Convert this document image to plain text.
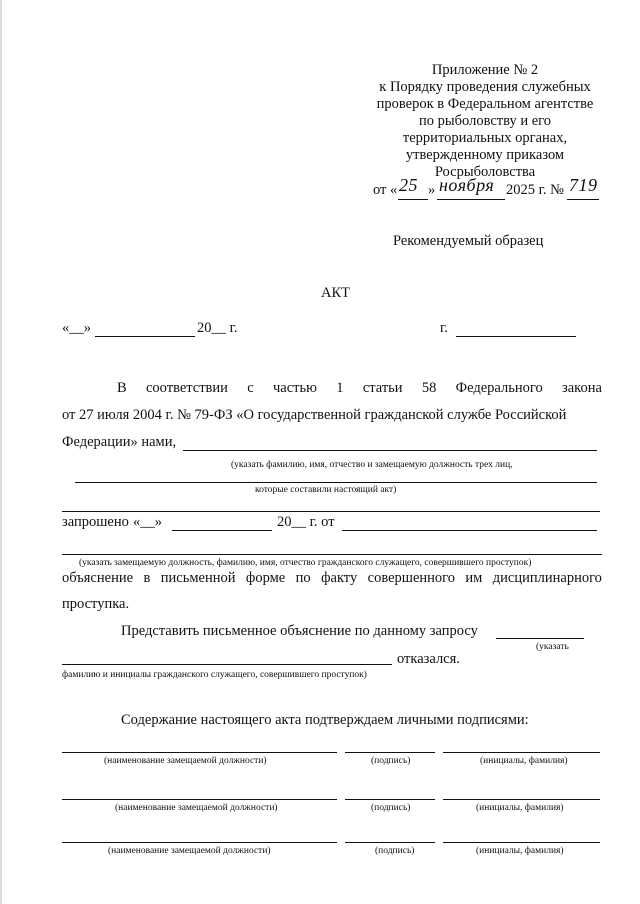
Приложение № 2
к Порядку проведения служебных
проверок в Федеральном агентстве
по рыболовству и его
территориальных органах,
утвержденному приказом
Росрыболовства
от « 25 » ноября 2025 г. № 719
Рекомендуемый образец
АКТ
«__»	20__ г.	г.
В соответствии с частью 1 статьи 58 Федерального закона
от 27 июля 2004 г. № 79-ФЗ «О государственной гражданской службе Российской
Федерации» нами,
(указать фамилию, имя, отчество и замещаемую должность трех лиц,
которые составили настоящий акт)
запрошено «__»	20__ г. от
(указать замещаемую должность, фамилию, имя, отчество гражданского служащего, совершившего проступок)
объяснение в письменной форме по факту совершенного им дисциплинарного
проступка.
Представить письменное объяснение по данному запросу
(указать
отказался.
фамилию и инициалы гражданского служащего, совершившего проступок)
Содержание настоящего акта подтверждаем личными подписями:
(наименование замещаемой должности)	(подпись)	(инициалы, фамилия)
(наименование замещаемой должности)	(подпись)	(инициалы, фамилия)
(наименование замещаемой должности)	(подпись)	(инициалы, фамилия)
